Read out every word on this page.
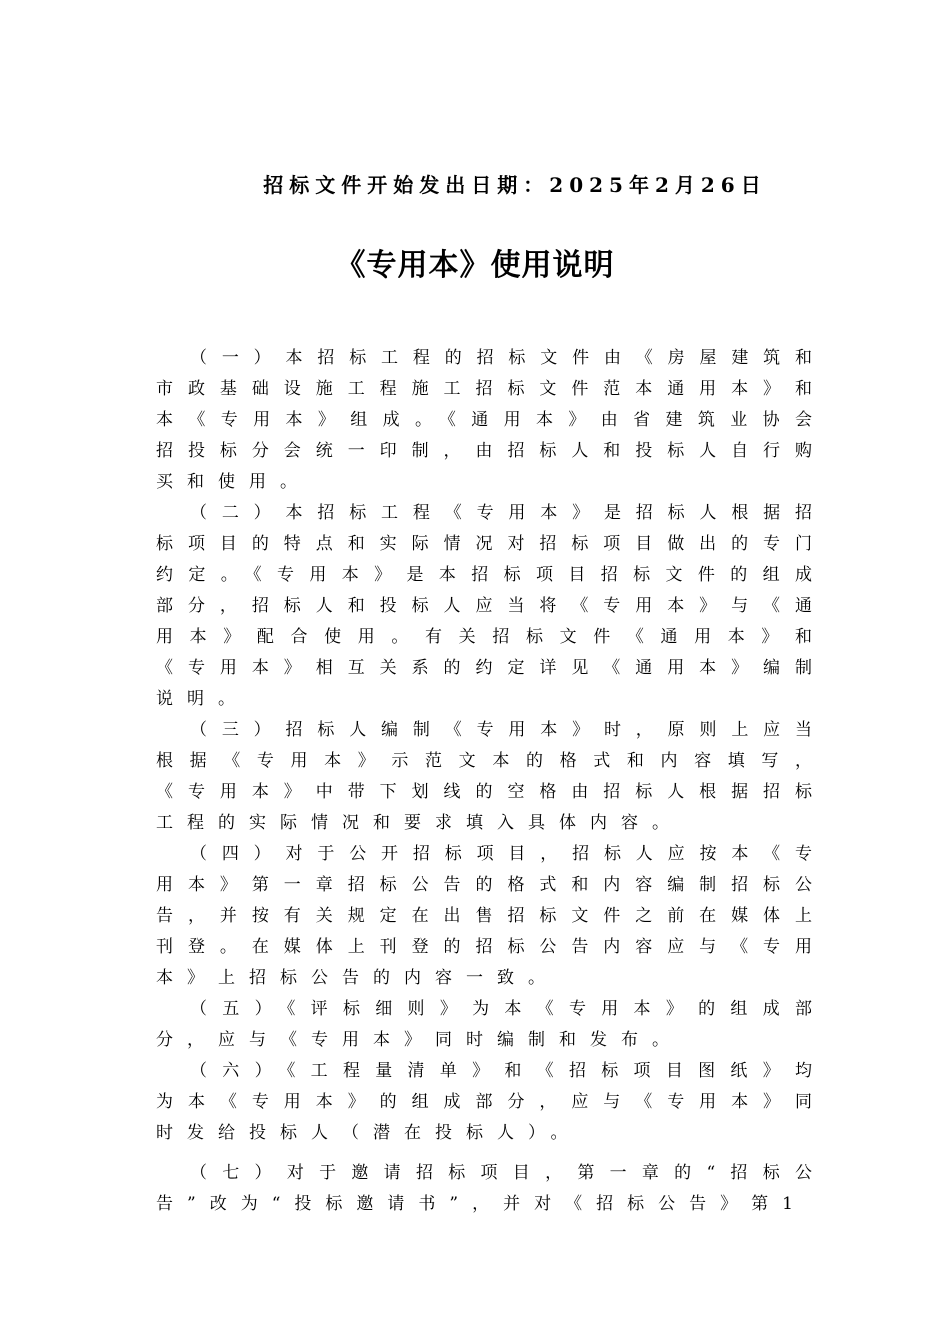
招标文件开始发出日期：2025年2月26日
《专用本》使用说明

（一）本招标工程的招标文件由《房屋建筑和市政基础设施工程施工招标文件范本通用本》和本《专用本》组成。《通用本》由省建筑业协会招投标分会统一印制，由招标人和投标人自行购买和使用。

（二）本招标工程《专用本》是招标人根据招标项目的特点和实际情况对招标项目做出的专门约定。《专用本》是本招标项目招标文件的组成部分，招标人和投标人应当将《专用本》与《通用本》配合使用。有关招标文件《通用本》和《专用本》相互关系的约定详见《通用本》编制说明。

（三）招标人编制《专用本》时，原则上应当根据《专用本》示范文本的格式和内容填写，《专用本》中带下划线的空格由招标人根据招标工程的实际情况和要求填入具体内容。

（四）对于公开招标项目，招标人应按本《专用本》第一章招标公告的格式和内容编制招标公告，并按有关规定在出售招标文件之前在媒体上刊登。在媒体上刊登的招标公告内容应与《专用本》上招标公告的内容一致。

（五）《评标细则》为本《专用本》的组成部分，应与《专用本》同时编制和发布。

（六）《工程量清单》和《招标项目图纸》均为本《专用本》的组成部分，应与《专用本》同时发给投标人（潜在投标人）。

（七）对于邀请招标项目，第一章的“招标公告”改为“投标邀请书”，并对《招标公告》第1
